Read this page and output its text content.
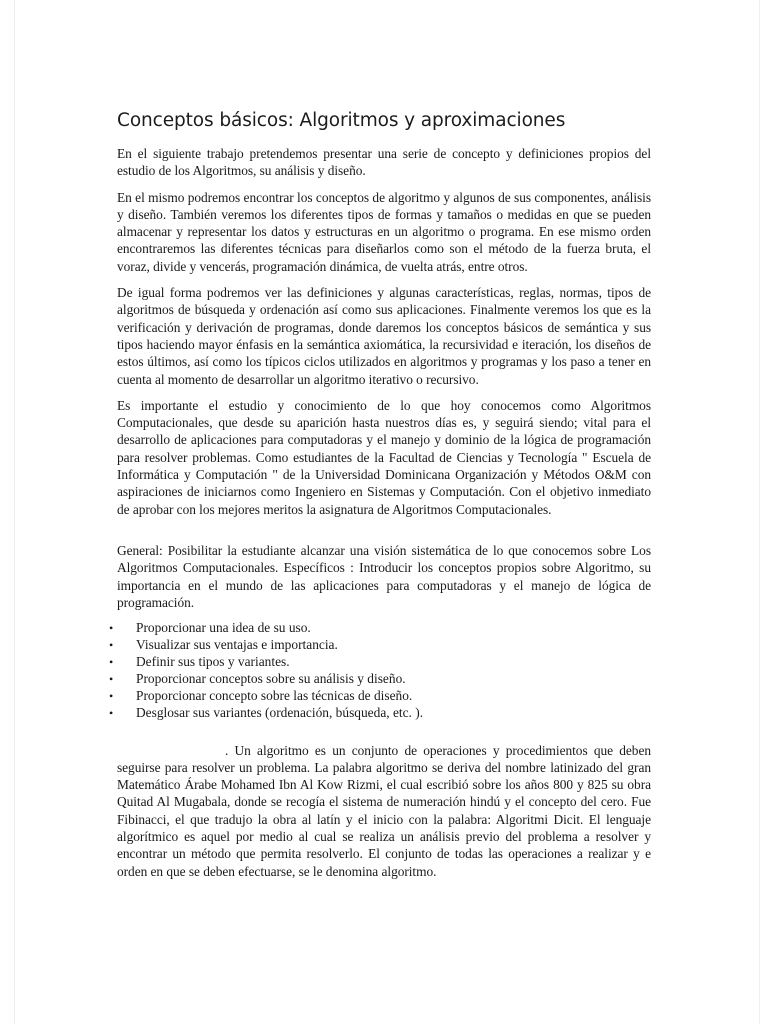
Conceptos básicos: Algoritmos y aproximaciones

En el siguiente trabajo pretendemos presentar una serie de concepto y definiciones propios del estudio de los Algoritmos, su análisis y diseño.

En el mismo podremos encontrar los conceptos de algoritmo y algunos de sus componentes, análisis y diseño. También veremos los diferentes tipos de formas y tamaños o medidas en que se pueden almacenar y representar los datos y estructuras en un algoritmo o programa. En ese mismo orden encontraremos las diferentes técnicas para diseñarlos como son el método de la fuerza bruta, el voraz, divide y vencerás, programación dinámica, de vuelta atrás, entre otros.

De igual forma podremos ver las definiciones y algunas características, reglas, normas, tipos de algoritmos de búsqueda y ordenación así como sus aplicaciones. Finalmente veremos los que es la verificación y derivación de programas, donde daremos los conceptos básicos de semántica y sus tipos haciendo mayor énfasis en la semántica axiomática, la recursividad e iteración, los diseños de estos últimos, así como los típicos ciclos utilizados en algoritmos y programas y los paso a tener en cuenta al momento de desarrollar un algoritmo iterativo o recursivo.

Es importante el estudio y conocimiento de lo que hoy conocemos como Algoritmos Computacionales, que desde su aparición hasta nuestros días es, y seguirá siendo; vital para el desarrollo de aplicaciones para computadoras y el manejo y dominio de la lógica de programación para resolver problemas. Como estudiantes de la Facultad de Ciencias y Tecnología " Escuela de Informática y Computación " de la Universidad Dominicana Organización y Métodos O&M con aspiraciones de iniciarnos como Ingeniero en Sistemas y Computación. Con el objetivo inmediato de aprobar con los mejores meritos la asignatura de Algoritmos Computacionales.

General: Posibilitar la estudiante alcanzar una visión sistemática de lo que conocemos sobre Los Algoritmos Computacionales. Específicos : Introducir los conceptos propios sobre Algoritmo, su importancia en el mundo de las aplicaciones para computadoras y el manejo de lógica de programación.

• Proporcionar una idea de su uso.
• Visualizar sus ventajas e importancia.
• Definir sus tipos y variantes.
• Proporcionar conceptos sobre su análisis y diseño.
• Proporcionar concepto sobre las técnicas de diseño.
• Desglosar sus variantes (ordenación, búsqueda, etc. ).

. Un algoritmo es un conjunto de operaciones y procedimientos que deben seguirse para resolver un problema. La palabra algoritmo se deriva del nombre latinizado del gran Matemático Árabe Mohamed Ibn Al Kow Rizmi, el cual escribió sobre los años 800 y 825 su obra Quitad Al Mugabala, donde se recogía el sistema de numeración hindú y el concepto del cero. Fue Fibinacci, el que tradujo la obra al latín y el inicio con la palabra: Algoritmi Dicit. El lenguaje algorítmico es aquel por medio al cual se realiza un análisis previo del problema a resolver y encontrar un método que permita resolverlo. El conjunto de todas las operaciones a realizar y e orden en que se deben efectuarse, se le denomina algoritmo.
